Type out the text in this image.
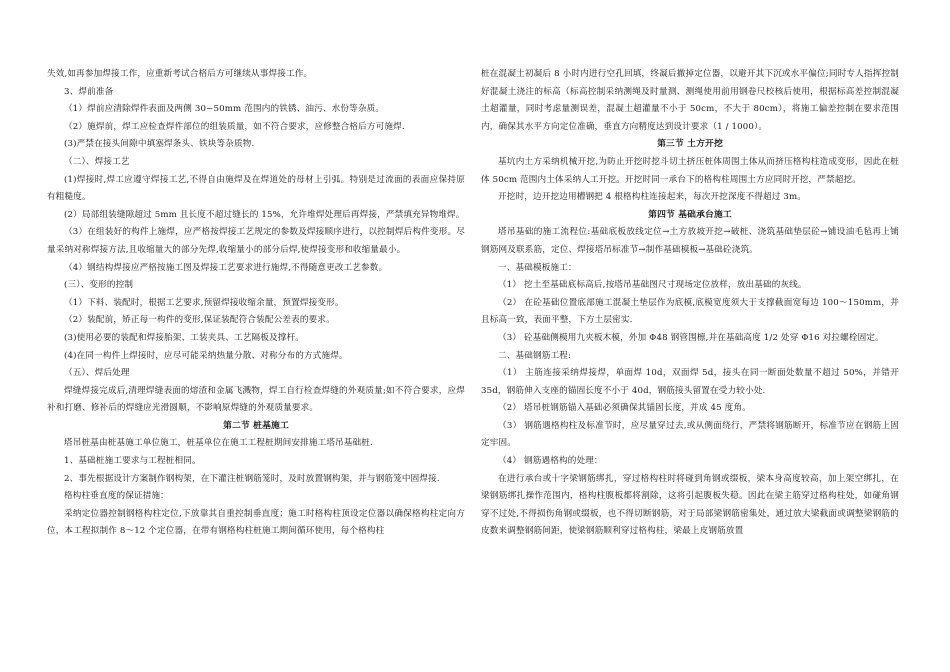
失效,如再参加焊接工作，应重新考试合格后方可继续从事焊接工作。

3、焊前准备

（1）焊前应清除焊件表面及两侧 30~50mm 范围内的铁锈、油污、水份等杂质。

（2）施焊前，焊工应检查焊件部位的组装质量，如不符合要求，应修整合格后方可施焊.

(3)严禁在接头间隙中填塞焊条头、铁块等杂质物.

（二）、焊接工艺

(1)焊接时,焊工应遵守焊接工艺,不得自由施焊及在焊道处的母材上引弧。特别是过流面的表面应保持原有粗糙度。

(2）局部组装缝隙超过 5mm 且长度不超过缝长的 15%，允许堆焊处理后再焊接，严禁填充异物堆焊。

（3）在组装好的构件上施焊，应严格按焊接工艺规定的参数及焊接顺序进行，以控制焊后构件变形。尽量采纳对称焊接方法,且收缩量大的部分先焊,收缩量小的部分后焊,使焊接变形和收缩量最小。

（4）钢结构焊接应严格按施工图及焊接工艺要求进行施焊,不得随意更改工艺参数。

(三）、变形的控制

（1）下料、装配时，根据工艺要求,预留焊接收缩余量，预置焊接变形。

（2）装配前，矫正每一构件的变形,保证装配符合装配公差表的要求。

(3)使用必要的装配和焊接胎架、工装夹具、工艺隔板及撑杆。

(4)在同一构件上焊接时，应尽可能采纳热量分散、对称分布的方式施焊。

（五）、焊后处理

焊缝焊接完成后,清理焊缝表面的熔渣和金属飞溅物，焊工自行检查焊缝的外观质量;如不符合要求，应焊补和打磨、修补后的焊缝应光滑圆顺，不影响原焊缝的外观质量要求。

第二节 桩基施工

塔吊桩基由桩基施工单位施工，桩基单位在施工工程桩期间安排施工塔吊基础桩.

1、基础桩施工要求与工程桩相同。

2、事先根据设计方案制作钢构架，在下灌注桩钢筋笼时，及时放置钢构架，并与钢筋笼中固焊接.

格构柱垂直度的保证措施：

采纳定位器控制钢格构柱定位,下放靠其自重控制垂直度；施工时格构柱顶设定位器以确保格构柱定向方位，本工程拟制作 8～12 个定位器，在带有钢格构柱桩施工期间循环使用，每个格构柱

桩在混凝土初凝后 8 小时内进行空孔回填，终凝后撤掉定位器，以避开其下沉或水平偏位;同时专人指挥控制好混凝土浇注的标高（标高控制采纳测绳及时量测、测绳使用前用钢卷尺校核后使用，根据标高差控制混凝土超灌量，同时考虑量测误差，混凝土超灌量不小于 50cm，不大于 80cm），将施工偏差控制在要求范围内，确保其水平方向定位准确，垂直方向精度达到设计要求（1 / 1000）。

第三节 土方开挖

基坑内土方采纳机械开挖,为防止开挖时挖斗切土挤压桩体周围土体从而挤压格构柱造成变形，因此在桩体 50cm 范围内土体采纳人工开挖。开挖时同一承台下的格构柱周围土方应同时开挖，严禁超挖。

开挖时，边开挖边用槽钢把 4 根格构柱连接起来，每次开挖深度不得超过 3m。

第四节 基础承台施工

塔吊基础的施工流程位:基础底板放线定位→土方放坡开挖→破桩、浇筑基础垫层砼→铺设油毛毡再上铺钢筋网及联系筋，定位、焊接塔吊标准节→制作基础模板→基础砼浇筑。

一、基础模板施工：

（1） 挖土至基础底标高后,按塔吊基础图尺寸现场定位放样，放出基础的灰线。

（2） 在砼基础位置底部施工混凝土垫层作为底模,底模宽度须大于支撑截面宽每边 100～150mm，并且标高一致，表面平整，下方土层密实.

（3） 砼基础侧模用九夹板木模，外加 Φ48 钢管围檩,并在基础高度 1/2 处穿 Φ16 对拉螺栓固定。

二、基础钢筋工程:

（1） 主筋连接采纳焊接焊，单面焊 10d，双面焊 5d，接头在同一断面处数量不超过 50%，并错开 35d，钢筋伸入支座的锚固长度不小于 40d，钢筋接头留置在受力较小处.

（2） 塔吊桩钢筋锚入基础必须确保其锚固长度，并成 45 度角。

（3） 钢筋遇格构柱及标准节时，应尽量穿过去,或从侧面绕行，严禁将钢筋断开，标准节应在钢筋上固定牢固。

（4） 钢筋遇格构的处理：

在进行承台或十字梁钢筋绑扎，穿过格构柱时将碰到角钢或缀板，梁本身高度较高，加上架空绑扎，在梁钢筋绑扎操作范围内，格构柱腹板都将割除，这将引起腹板失稳。因此在梁主筋穿过格构柱处，如碰角钢穿不过处,不得损伤角钢或缀板，也不得切断钢筋，对于局部梁钢筋密集处，通过放大梁截面或调整梁钢筋的皮数来调整钢筋间距，使梁钢筋顺利穿过格构柱，梁最上皮钢筋放置
